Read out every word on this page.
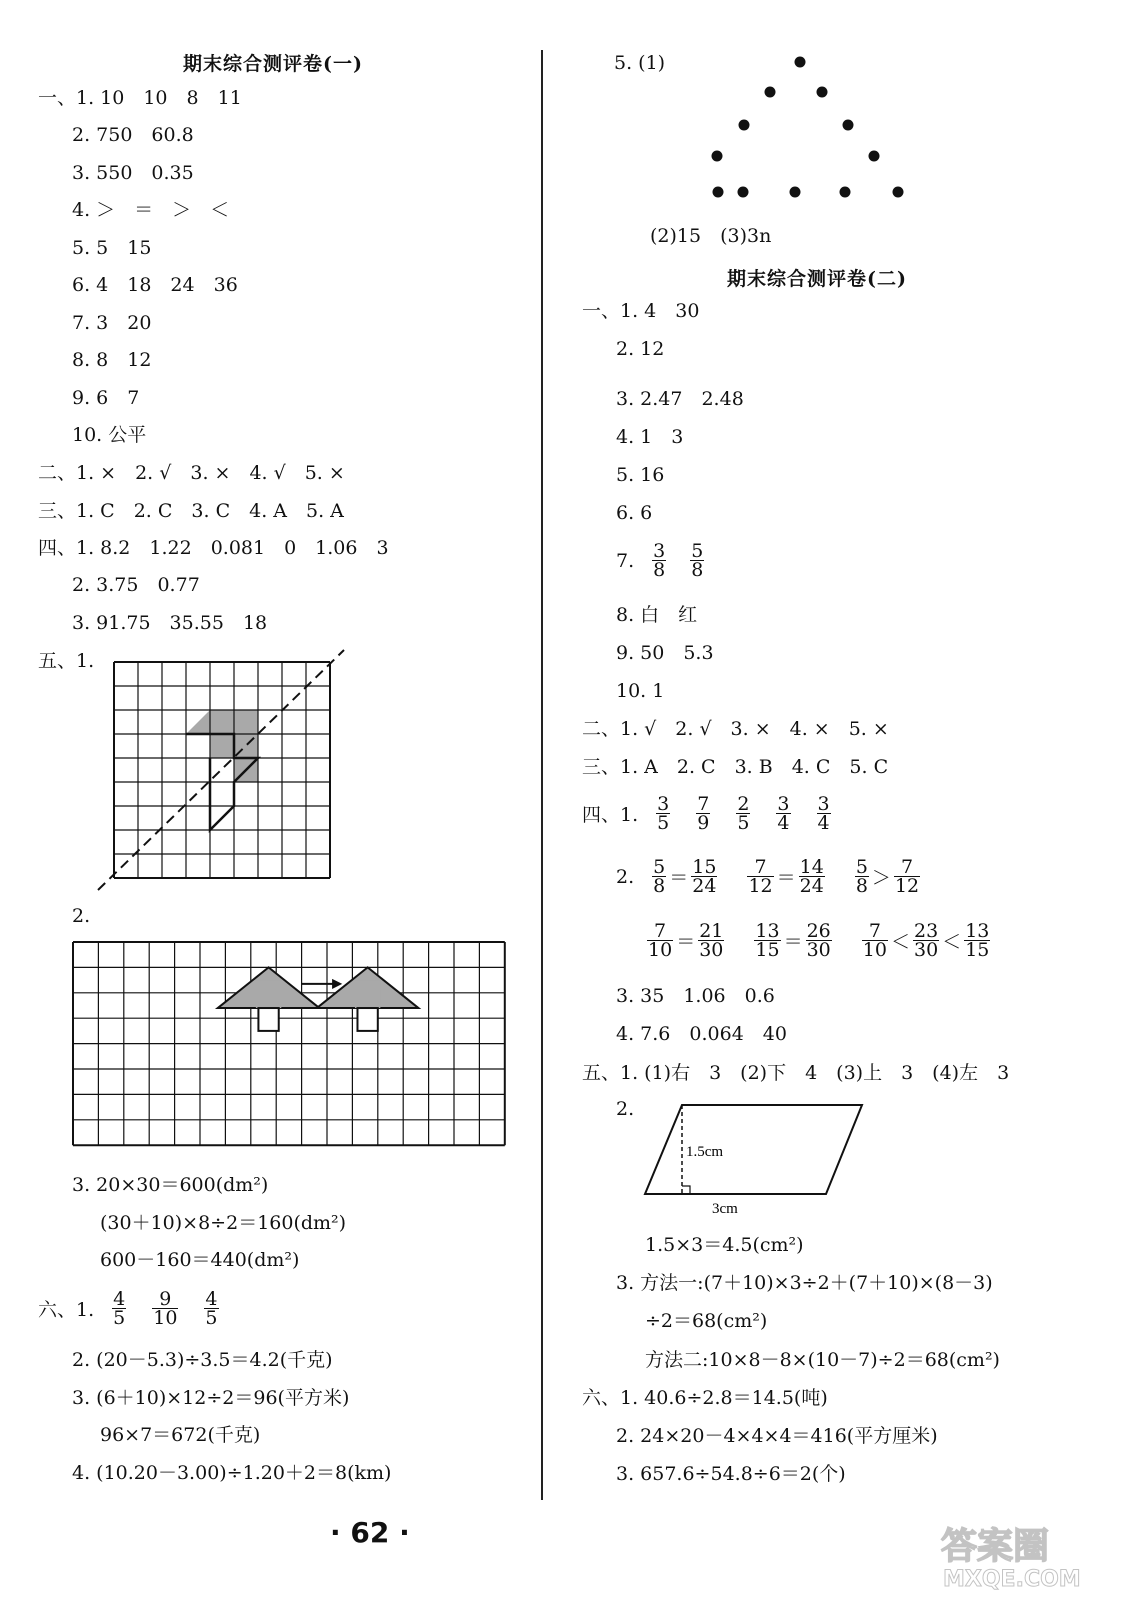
期末综合测评卷(一)
一、1. 10　10　8　11
2. 750　60.8
3. 550　0.35
4. ＞　＝　＞　＜
5. 5　15
6. 4　18　24　36
7. 3　20
8. 8　12
9. 6　7
10. 公平
二、1. ×　2. √　3. ×　4. √　5. ×
三、1. C　2. C　3. C　4. A　5. A
四、1. 8.2　1.22　0.081　0　1.06　3
2. 3.75　0.77
3. 91.75　35.55　18
五、1.
2.
3. 20×30＝600(dm²)
(30＋10)×8÷2＝160(dm²)
600－160＝440(dm²)
六、1. $\frac{4}{5} \frac{9}{10} \frac{4}{5}$
2. (20－5.3)÷3.5＝4.2(千克)
3. (6＋10)×12÷2＝96(平方米)
96×7＝672(千克)
4. (10.20－3.00)÷1.20＋2＝8(km)
5. (1)
(2)15　(3)3n
期末综合测评卷(二)
一、1. 4　30
2. 12
3. 2.47　2.48
4. 1　3
5. 16
6. 6
7. $\frac{3}{8} \frac{5}{8}$
8. 白　红
9. 50　5.3
10. 1
二、1. √　2. √　3. ×　4. ×　5. ×
三、1. A　2. C　3. B　4. C　5. C
四、1. $\frac{3}{5} \frac{7}{9} \frac{2}{5} \frac{3}{4} \frac{3}{4}$
2. $\frac{5}{8} = \frac{15}{24} \frac{7}{12} = \frac{14}{24} \frac{5}{8} > \frac{7}{12}$
$\frac{7}{10} = \frac{21}{30} \frac{13}{15} = \frac{26}{30} \frac{7}{10} < \frac{23}{30} < \frac{13}{15}$
3. 35　1.06　0.6
4. 7.6　0.064　40
五、1. (1)右　3　(2)下　4　(3)上　3　(4)左　3
2.
1.5cm
3cm
1.5×3＝4.5(cm²)
3. 方法一:(7＋10)×3÷2＋(7＋10)×(8－3)
÷2＝68(cm²)
方法二:10×8－8×(10－7)÷2＝68(cm²)
六、1. 40.6÷2.8＝14.5(吨)
2. 24×20－4×4×4＝416(平方厘米)
3. 657.6÷54.8÷6＝2(个)
· 62 ·	答案圈
MXQE.COM
